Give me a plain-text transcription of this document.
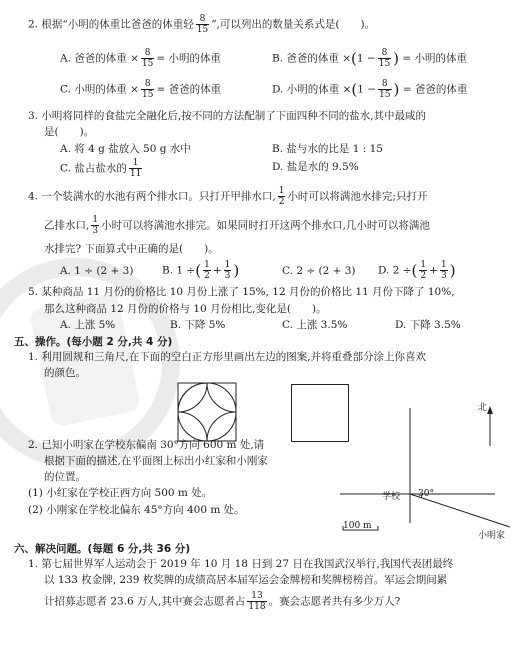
2. 根据“小明的体重比爸爸的体重轻 $\frac{8}{15}$ ”,可以列出的数量关系式是(　　)。
A. 爸爸的体重 × $\frac{8}{15}$ = 小明的体重	B. 爸爸的体重 $\times(1 - \frac{8}{15}$ ) = 小明的体重
C. 小明的体重 × $\frac{8}{15}$ = 爸爸的体重	D. 小明的体重 $\times(1 - \frac{8}{15}$ ) = 爸爸的体重
3. 小明将同样的食盐完全融化后,按不同的方法配制了下面四种不同的盐水,其中最咸的
是(　　)。
A. 将 4 g 盐放入 50 g 水中	B. 盐与水的比是 1 : 15
C. 盐占盐水的 $\frac{1}{11}$	D. 盐是水的 9.5%
4. 一个装满水的水池有两个排水口。只打开甲排水口, $\frac{1}{2}$ 小时可以将满池水排完;只打开
乙排水口, $\frac{1}{3}$ 小时可以将满池水排完。如果同时打开这两个排水口,几小时可以将满池
水排完? 下面算式中正确的是(　　)。
A. 1 ÷ (2 + 3)	B. 1 ÷( $\frac{1}{2} + \frac{1}{3}$ )	C. 2 ÷ (2 + 3) D. 2 ÷( $\frac{1}{2} + \frac{1}{3}$ )
5. 某种商品 11 月份的价格比 10 月份上涨了 15%, 12 月份的价格比 11 月份下降了 10%,
那么这种商品 12 月份的价格与 10 月份相比,变化是(　　)。
A. 上涨 5%	B. 下降 5%	C. 上涨 3.5%	D. 下降 3.5%
五、操作。(每小题 2 分,共 4 分)
1. 利用圆规和三角尺,在下面的空白正方形里画出左边的图案,并将重叠部分涂上你喜欢
的颜色。
2. 已知小明家在学校东偏南 30°方向 600 m 处,请
根据下面的描述,在平面图上标出小红家和小刚家
的位置。
(1) 小红家在学校正西方向 500 m 处。
(2) 小刚家在学校北偏东 45°方向 400 m 处。
北
学校 30°
小明家
100 m
六、解决问题。(每题 6 分,共 36 分)
1. 第七届世界军人运动会于 2019 年 10 月 18 日到 27 日在我国武汉举行,我国代表团最终
以 133 枚金牌, 239 枚奖牌的成绩高居本届军运会金牌榜和奖牌榜榜首。军运会期间累
计招募志愿者 23.6 万人,其中赛会志愿者占 $\frac{13}{118}$ 。赛会志愿者共有多少万人?
